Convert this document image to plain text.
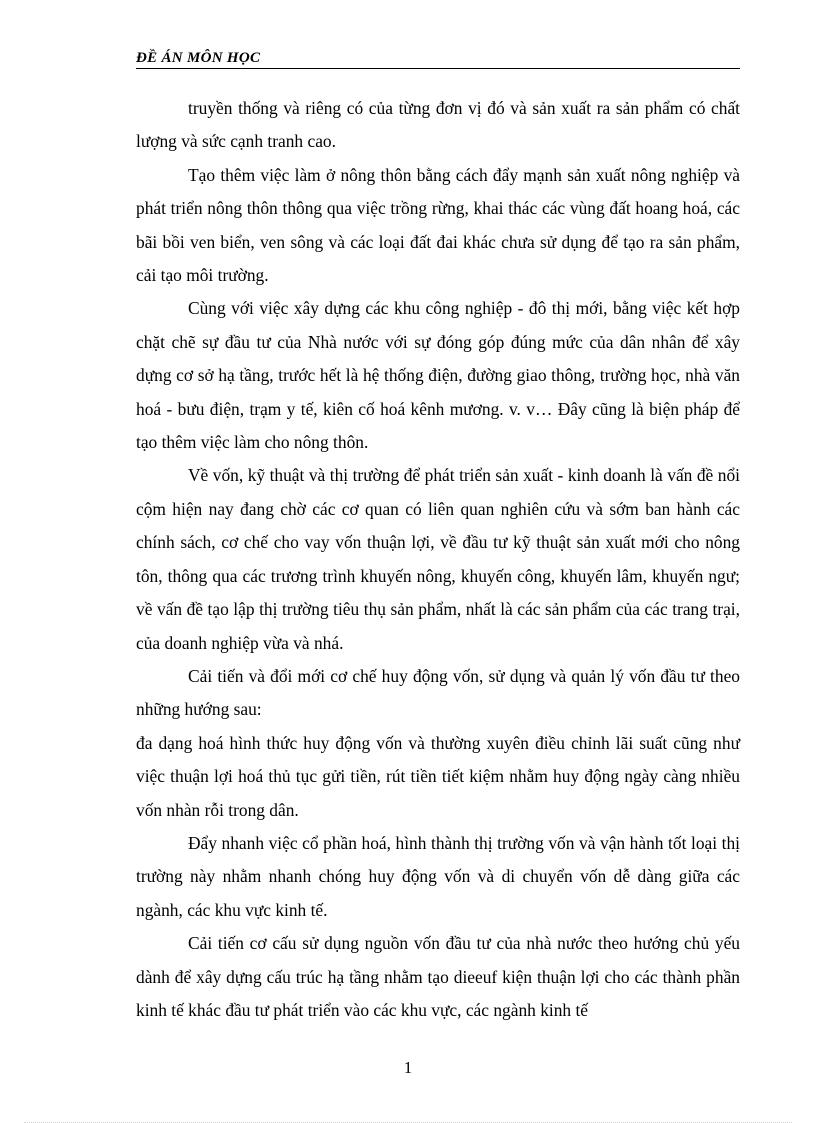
ĐỀ ÁN MÔN HỌC

truyền thống và riêng có của từng đơn vị đó và sản xuất ra sản phẩm có chất lượng và sức cạnh tranh cao.

Tạo thêm việc làm ở nông thôn bằng cách đẩy mạnh sản xuất nông nghiệp và phát triển nông thôn thông qua việc trồng rừng, khai thác các vùng đất hoang hoá, các bãi bồi ven biển, ven sông và các loại đất đai khác chưa sử dụng để tạo ra sản phẩm, cải tạo môi trường.

Cùng với việc xây dựng các khu công nghiệp - đô thị mới, bằng việc kết hợp chặt chẽ sự đầu tư của Nhà nước với sự đóng góp đúng mức của dân nhân để xây dựng cơ sở hạ tầng, trước hết là hệ thống điện, đường giao thông, trường học, nhà văn hoá - bưu điện, trạm y tế, kiên cố hoá kênh mương. v. v… Đây cũng là biện pháp để tạo thêm việc làm cho nông thôn.

Về vốn, kỹ thuật và thị trường để phát triển sản xuất - kinh doanh là vấn đề nổi cộm hiện nay đang chờ các cơ quan có liên quan nghiên cứu và sớm ban hành các chính sách, cơ chế cho vay vốn thuận lợi, về đầu tư kỹ thuật sản xuất mới cho nông tôn, thông qua các trương trình khuyến nông, khuyến công, khuyến lâm, khuyến ngư; về vấn đề tạo lập thị trường tiêu thụ sản phẩm, nhất là các sản phẩm của các trang trại, của doanh nghiệp vừa và nhá.

Cải tiến và đổi mới cơ chế huy động vốn, sử dụng và quản lý vốn đầu tư theo những hướng sau:

đa dạng hoá hình thức huy động vốn và thường xuyên điều chỉnh lãi suất cũng như việc thuận lợi hoá thủ tục gửi tiền, rút tiền tiết kiệm nhằm huy động ngày càng nhiều vốn nhàn rỗi trong dân.

Đẩy nhanh việc cổ phần hoá, hình thành thị trường vốn và vận hành tốt loại thị trường này nhằm nhanh chóng huy động vốn và di chuyển vốn dễ dàng giữa các ngành, các khu vực kinh tế.

Cải tiến cơ cấu sử dụng nguồn vốn đầu tư của nhà nước theo hướng chủ yếu dành để xây dựng cấu trúc hạ tầng nhằm tạo dieeuf kiện thuận lợi cho các thành phần kinh tế khác đầu tư phát triển vào các khu vực, các ngành kinh tế

1
